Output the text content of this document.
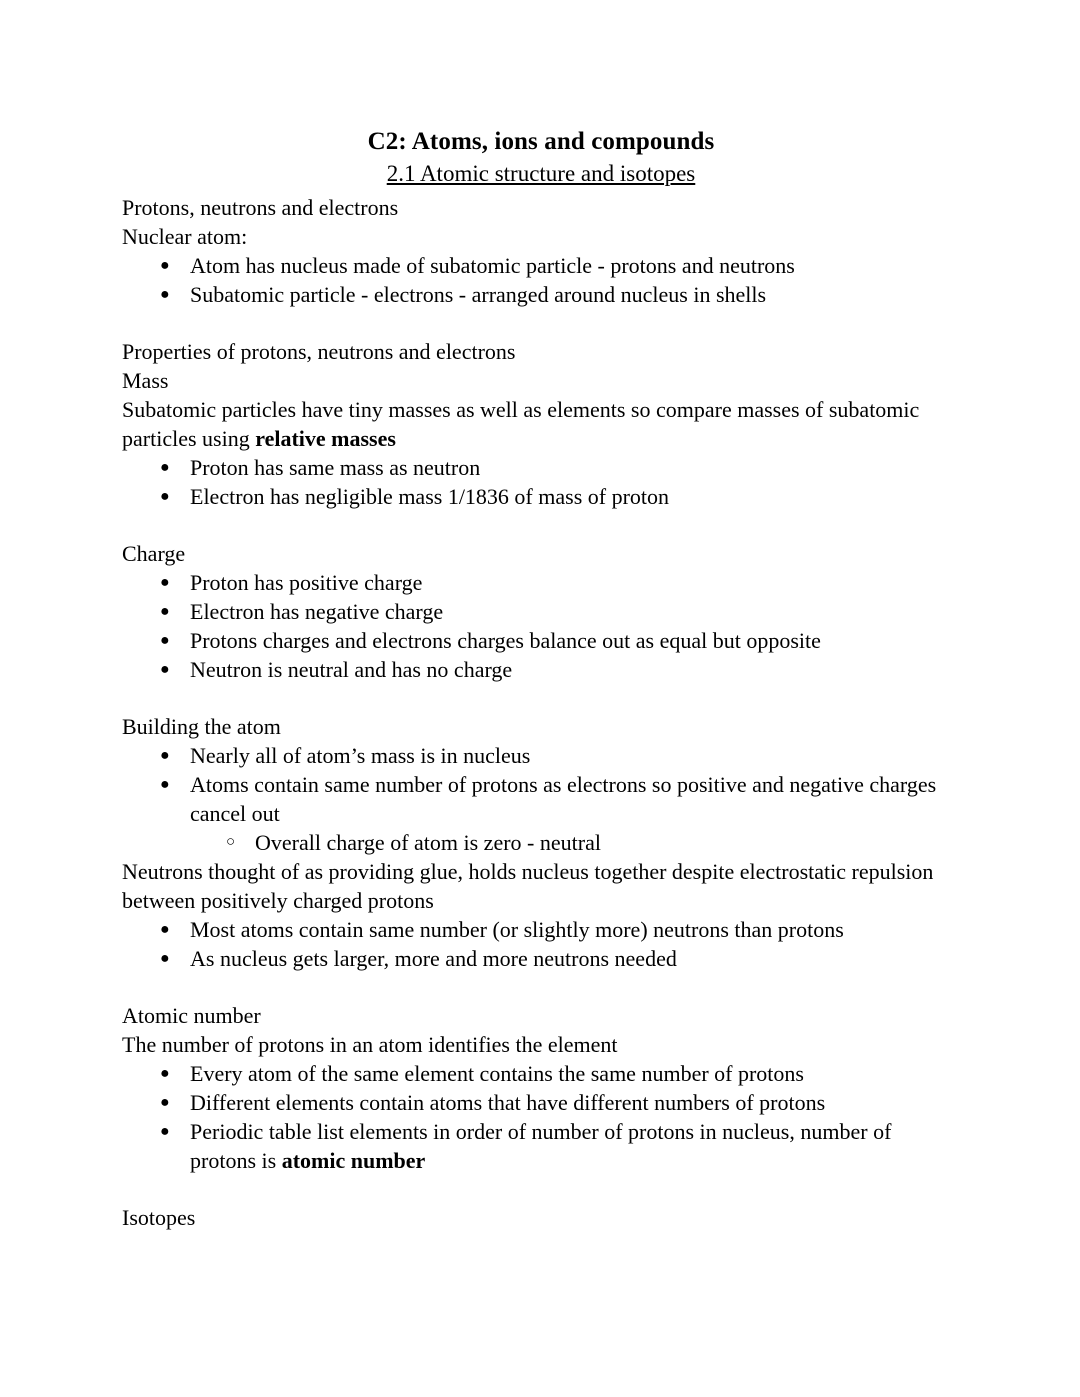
C2: Atoms, ions and compounds
2.1 Atomic structure and isotopes

Protons, neutrons and electrons

Nuclear atom:

● Atom has nucleus made of subatomic particle - protons and neutrons
● Subatomic particle - electrons - arranged around nucleus in shells

Properties of protons, neutrons and electrons

Mass

Subatomic particles have tiny masses as well as elements so compare masses of subatomic particles using relative masses

● Proton has same mass as neutron
● Electron has negligible mass 1/1836 of mass of proton

Charge

● Proton has positive charge
● Electron has negative charge
● Protons charges and electrons charges balance out as equal but opposite
● Neutron is neutral and has no charge

Building the atom

● Nearly all of atom’s mass is in nucleus
● Atoms contain same number of protons as electrons so positive and negative charges cancel out
○ Overall charge of atom is zero - neutral

Neutrons thought of as providing glue, holds nucleus together despite electrostatic repulsion between positively charged protons

● Most atoms contain same number (or slightly more) neutrons than protons
● As nucleus gets larger, more and more neutrons needed

Atomic number

The number of protons in an atom identifies the element

● Every atom of the same element contains the same number of protons
● Different elements contain atoms that have different numbers of protons
● Periodic table list elements in order of number of protons in nucleus, number of protons is atomic number

Isotopes
